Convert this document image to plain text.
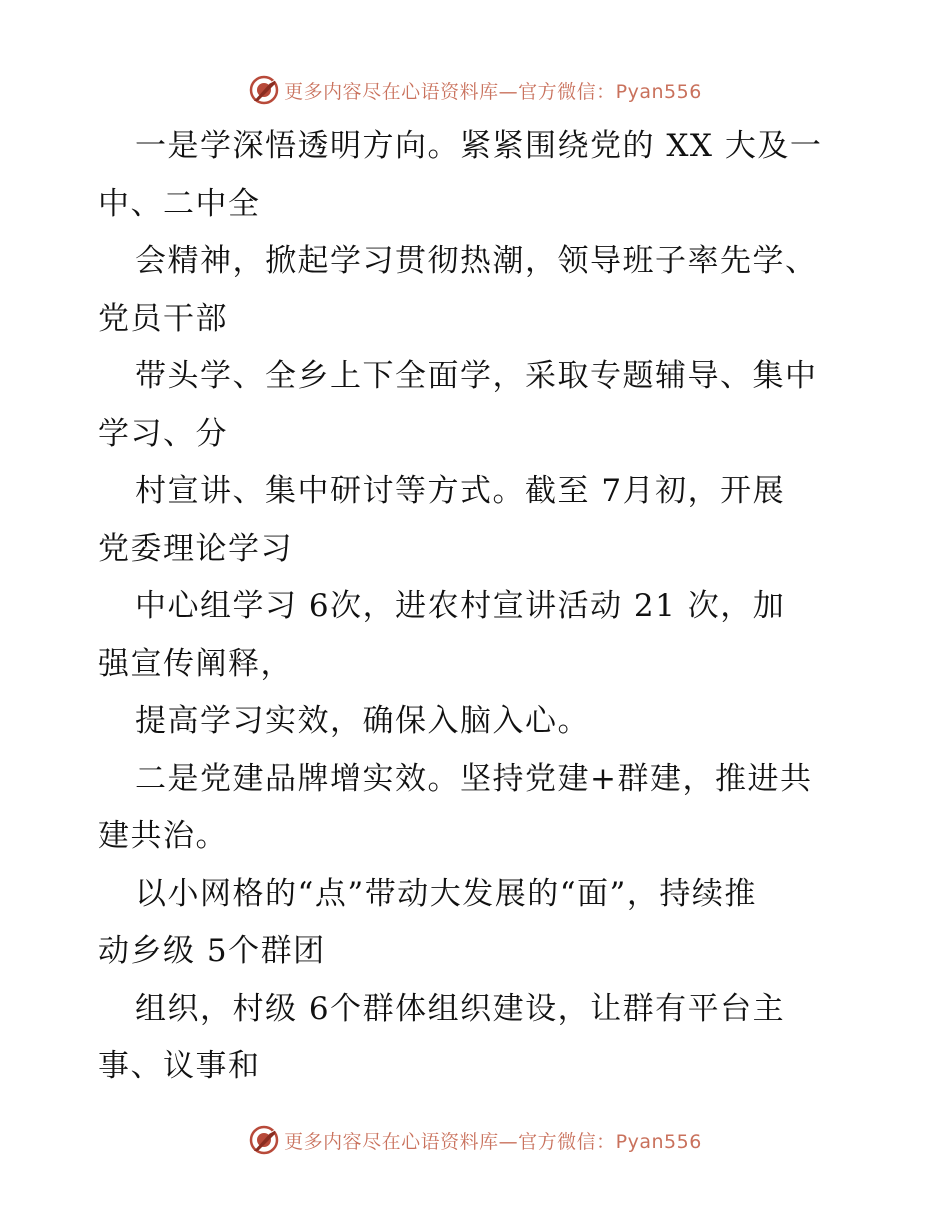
更多内容尽在心语资料库—官方微信：Pyan556
一是学深悟透明方向。紧紧围绕党的 XX 大及一
中、二中全
会精神，掀起学习贯彻热潮，领导班子率先学、
党员干部
带头学、全乡上下全面学，采取专题辅导、集中
学习、分
村宣讲、集中研讨等方式。截至 7月初，开展
党委理论学习
中心组学习 6次，进农村宣讲活动 21 次，加
强宣传阐释，
提高学习实效，确保入脑入心。
二是党建品牌增实效。坚持党建+群建，推进共
建共治。
以小网格的“点”带动大发展的“面”，持续推
动乡级 5个群团
组织，村级 6个群体组织建设，让群有平台主
事、议事和
更多内容尽在心语资料库—官方微信：Pyan556
